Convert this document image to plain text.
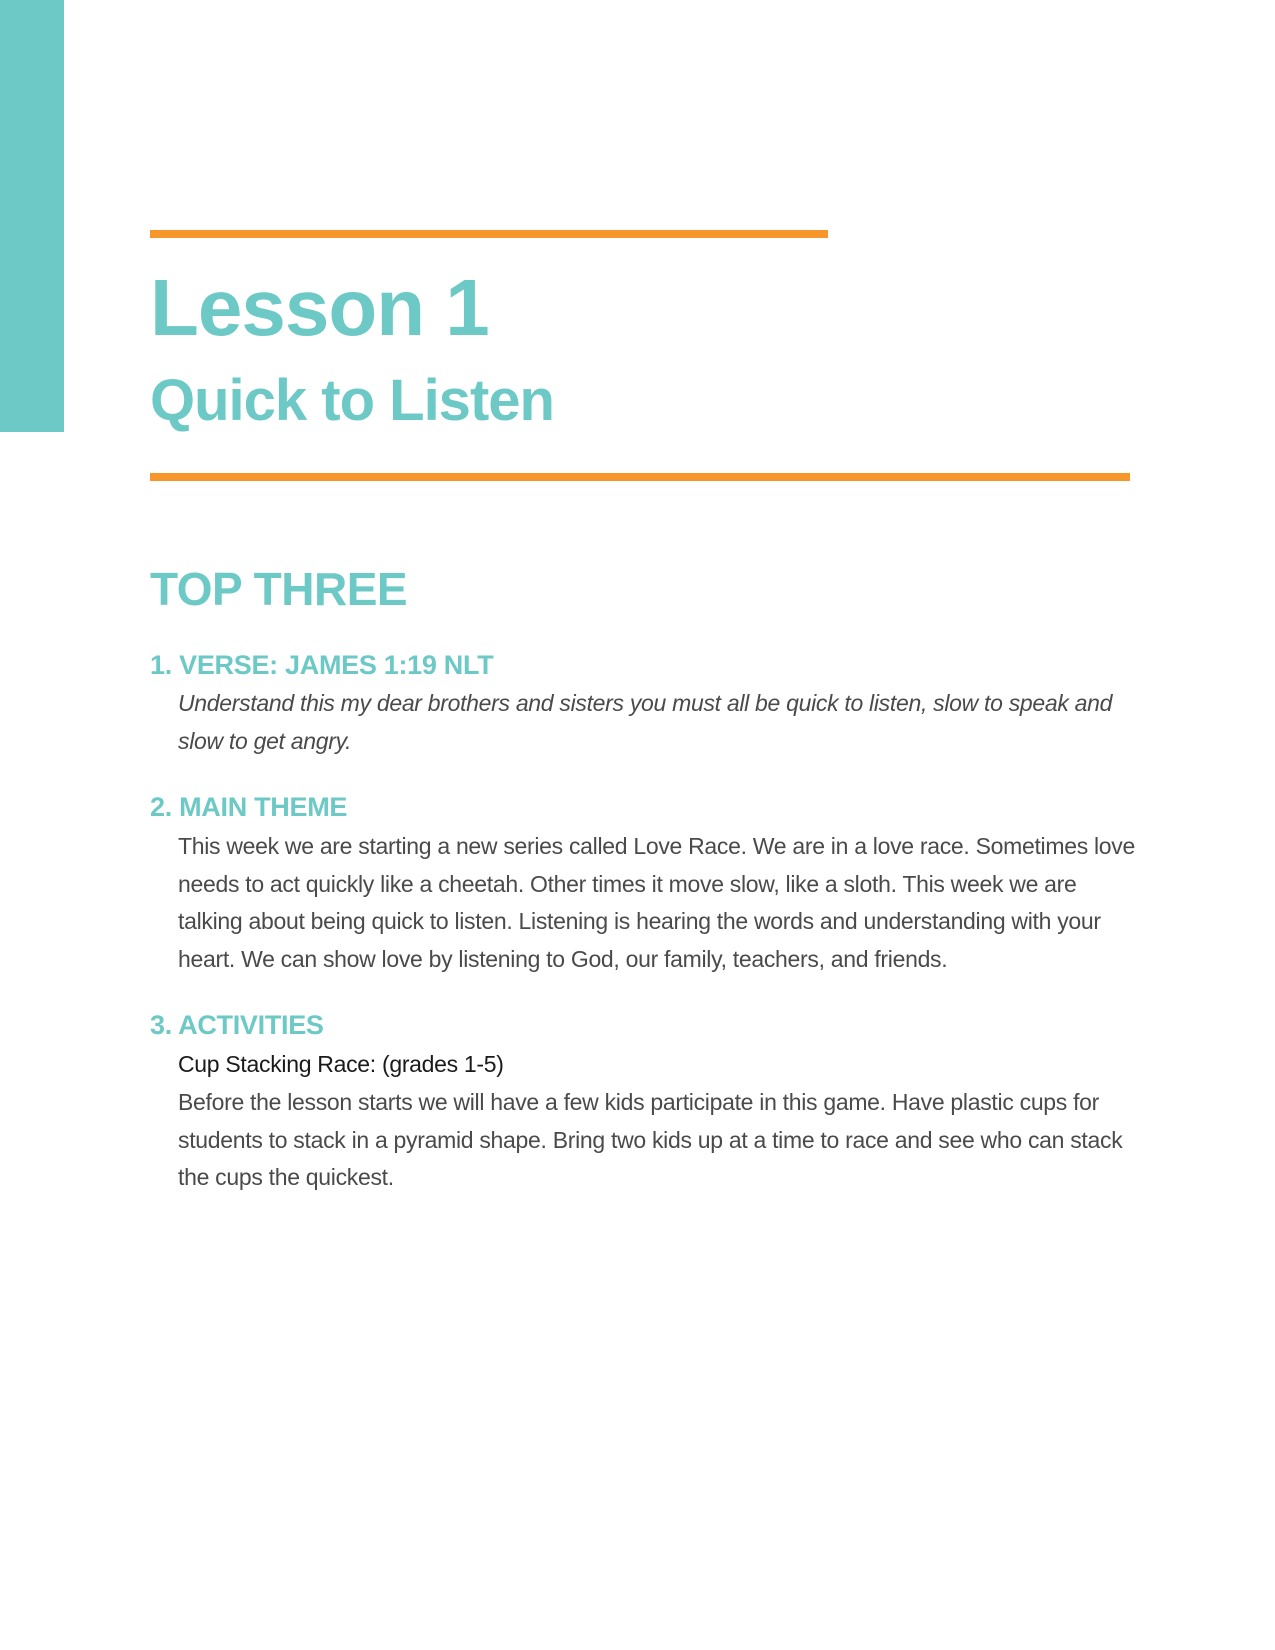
Lesson 1
Quick to Listen
TOP THREE
1. VERSE: JAMES 1:19 NLT

Understand this my dear brothers and sisters you must all be quick to listen, slow to speak and slow to get angry.

2. MAIN THEME

This week we are starting a new series called Love Race. We are in a love race. Sometimes love needs to act quickly like a cheetah. Other times it move slow, like a sloth. This week we are talking about being quick to listen. Listening is hearing the words and understanding with your heart. We can show love by listening to God, our family, teachers, and friends.

3. ACTIVITIES

Cup Stacking Race: (grades 1-5)

Before the lesson starts we will have a few kids participate in this game. Have plastic cups for students to stack in a pyramid shape. Bring two kids up at a time to race and see who can stack the cups the quickest.
